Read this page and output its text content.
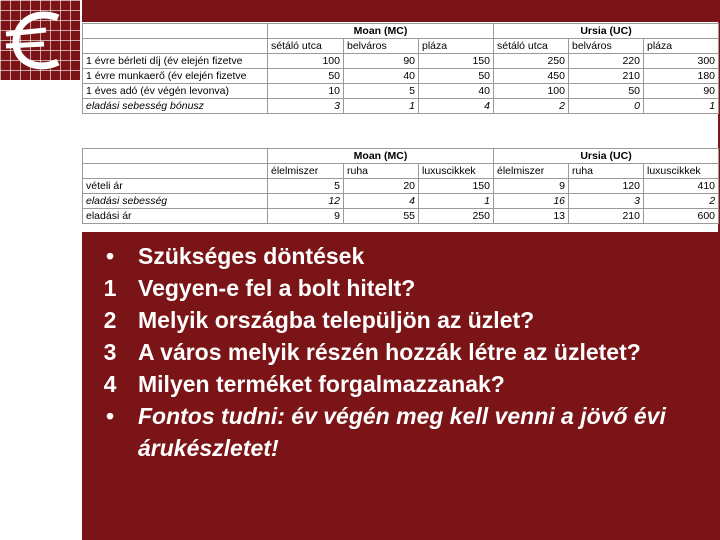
	Moan (MC)			Ursia (UC)		
	sétáló utca	belváros	pláza	sétáló utca	belváros	pláza
1 évre bérleti díj (év elején fizetve	100	90	150	250	220	300
1 évre munkaerő (év elején fizetve	50	40	50	450	210	180
1 éves adó (év végén levonva)	10	5	40	100	50	90
eladási sebesség bónusz	3	1	4	2	0	1
	Moan (MC)			Ursia (UC)		
	élelmiszer	ruha	luxuscikkek	élelmiszer	ruha	luxuscikkek
vételi ár	5	20	150	9	120	410
eladási sebesség	12	4	1	16	3	2
eladási ár	9	55	250	13	210	600
•	Szükséges döntések
1 Vegyen-e fel a bolt hitelt?
2 Melyik országba települjön az üzlet?
3 A város melyik részén hozzák létre az üzletet?
4 Milyen terméket forgalmazzanak?
•	Fontos tudni: év végén meg kell venni a jövő évi árukészletet!
